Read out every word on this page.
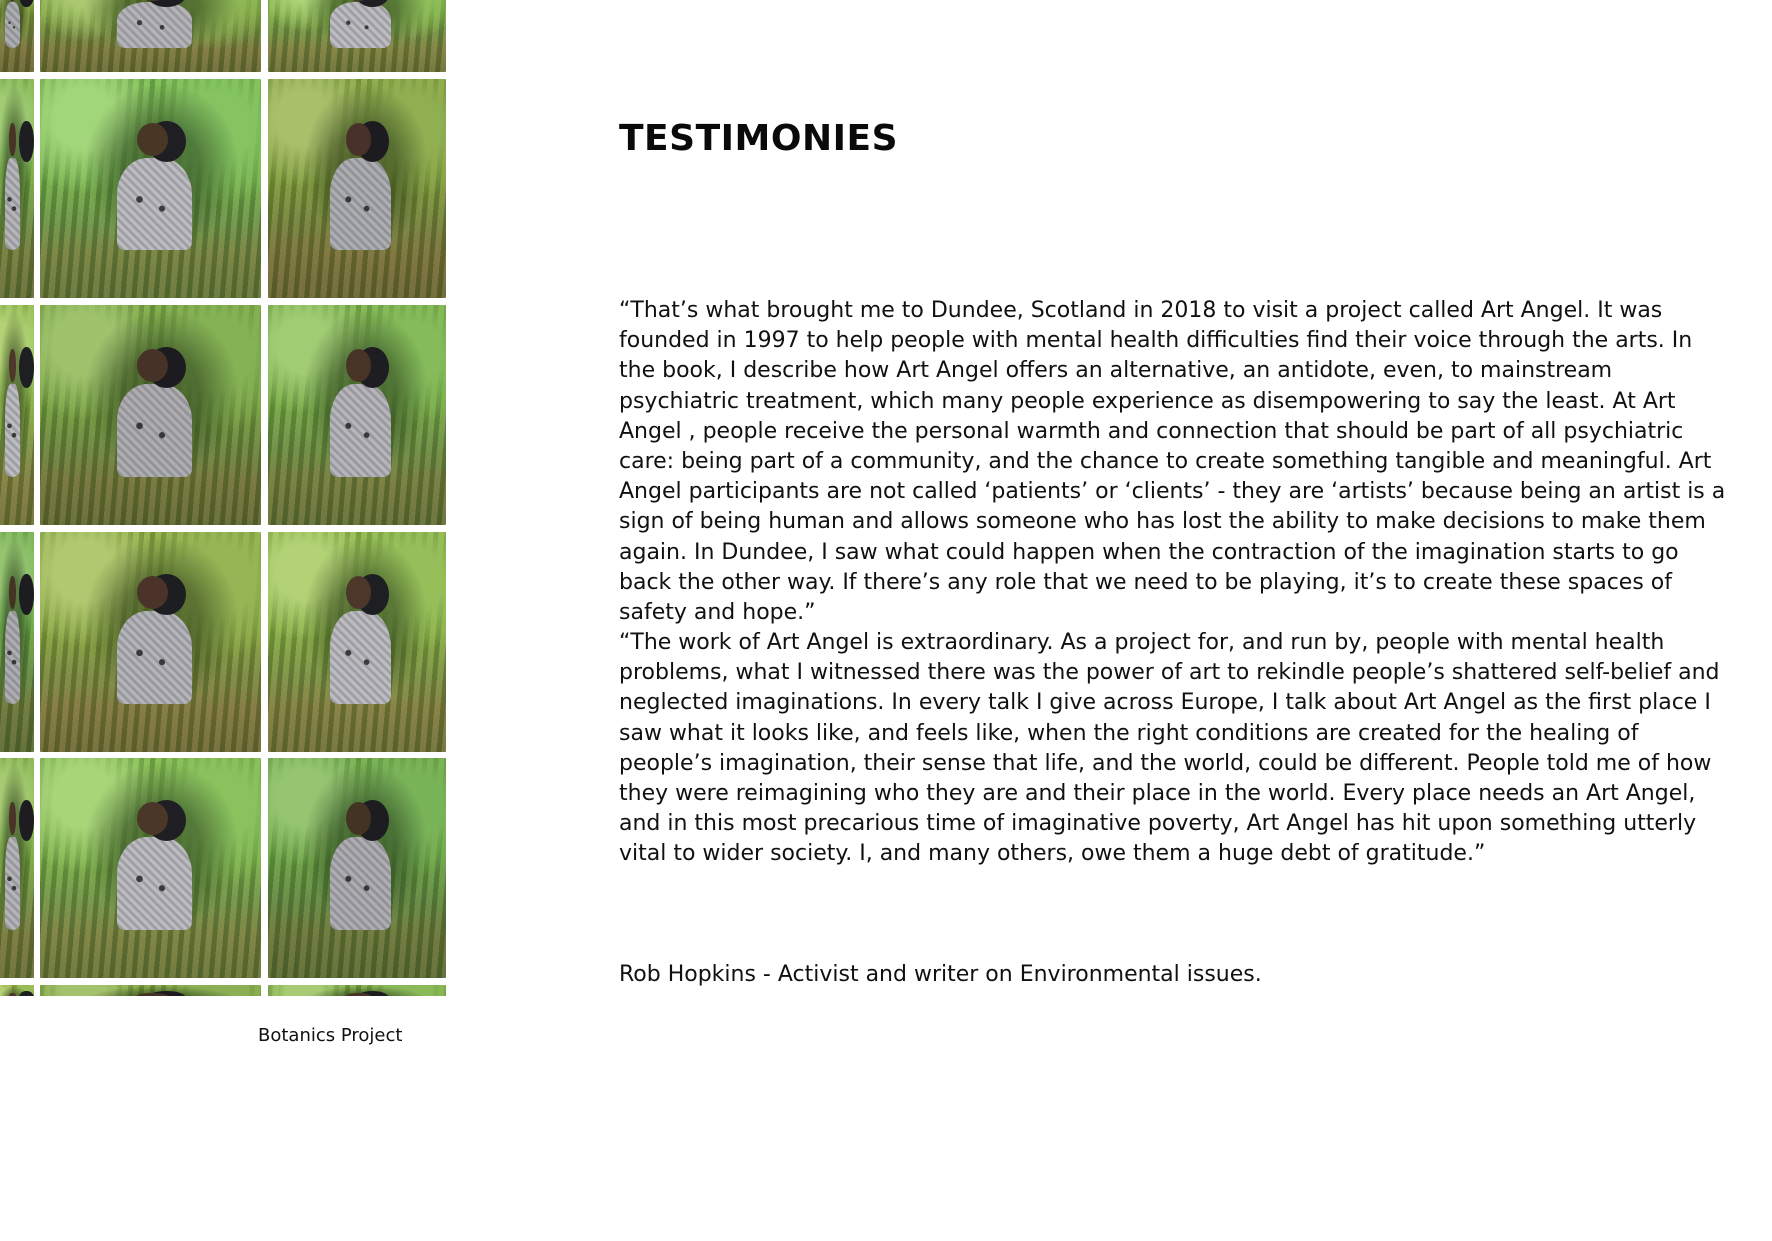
Botanics Project
TESTIMONIES

“That’s what brought me to Dundee, Scotland in 2018 to visit a project called Art Angel. It was founded in 1997 to help people with mental health difficulties find their voice through the arts. In the book, I describe how Art Angel offers an alternative, an antidote, even, to mainstream psychiatric treatment, which many people experience as disempowering to say the least. At Art Angel , people receive the personal warmth and connection that should be part of all psychiatric care: being part of a community, and the chance to create something tangible and meaningful. Art Angel participants are not called ‘patients’ or ‘clients’ - they are ‘artists’ because being an artist is a sign of being human and allows someone who has lost the ability to make decisions to make them again. In Dundee, I saw what could happen when the contraction of the imagination starts to go back the other way. If there’s any role that we need to be playing, it’s to create these spaces of safety and hope.”

“The work of Art Angel is extraordinary. As a project for, and run by, people with mental health problems, what I witnessed there was the power of art to rekindle people’s shattered self-belief and neglected imaginations. In every talk I give across Europe, I talk about Art Angel as the first place I saw what it looks like, and feels like, when the right conditions are created for the healing of people’s imagination, their sense that life, and the world, could be different. People told me of how they were reimagining who they are and their place in the world. Every place needs an Art Angel, and in this most precarious time of imaginative poverty, Art Angel has hit upon something utterly vital to wider society. I, and many others, owe them a huge debt of gratitude.”

Rob Hopkins - Activist and writer on Environmental issues.
